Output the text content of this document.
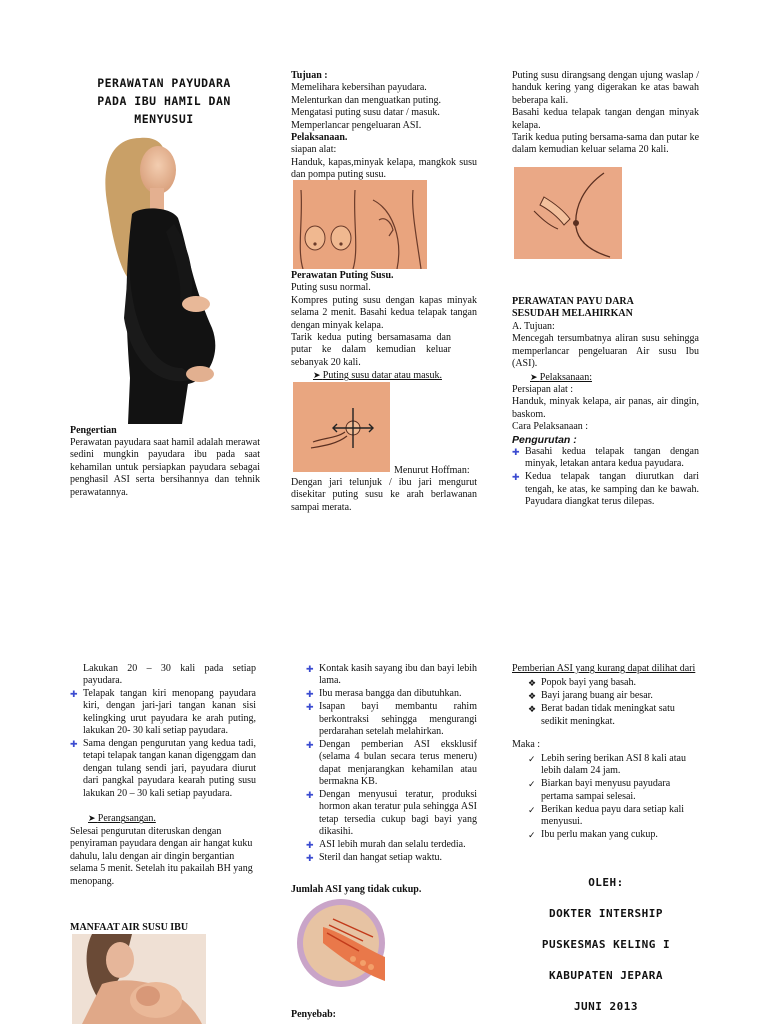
PERAWATAN PAYUDARA
PADA IBU HAMIL DAN
MENYUSUI
Pengertian
Perawatan payudara saat hamil adalah merawat sedini mungkin payudara ibu pada saat kehamilan untuk persiapkan payudara sebagai penghasil ASI serta bersihannya dan tehnik perawatannya.
Tujuan :
Memelihara kebersihan payudara.
Melenturkan dan menguatkan puting.
Mengatasi puting susu datar / masuk.
Memperlancar pengeluaran ASI.
Pelaksanaan.
siapan alat:
Handuk, kapas,minyak kelapa, mangkok susu dan pompa puting susu.
Perawatan Puting Susu.
Puting susu normal.
Kompres puting susu dengan kapas minyak selama 2 menit. Basahi kedua telapak tangan dengan minyak kelapa.
Tarik kedua puting bersamasama dan putar ke dalam kemudian keluar sebanyak 20 kali.
➤ Puting susu datar atau masuk.
Menurut Hoffman:
Dengan jari telunjuk / ibu jari mengurut disekitar puting susu ke arah berlawanan sampai merata.
Puting susu dirangsang dengan ujung waslap / handuk kering yang digerakan ke atas bawah beberapa kali.
Basahi kedua telapak tangan dengan minyak kelapa.
Tarik kedua puting bersama-sama dan putar ke dalam kemudian keluar selama 20 kali.
PERAWATAN PAYU DARA
SESUDAH MELAHIRKAN
A. Tujuan:
Mencegah tersumbatnya aliran susu sehingga memperlancar pengeluaran Air susu Ibu (ASI).
➤ Pelaksanaan:
Persiapan alat :
Handuk, minyak kelapa, air panas, air dingin, baskom.
Cara Pelaksanaan :
Pengurutan :
✚ Basahi kedua telapak tangan dengan minyak, letakan antara kedua payudara.
✚ Kedua telapak tangan diurutkan dari tengah, ke atas, ke samping dan ke bawah. Payudara diangkat terus dilepas.
Lakukan 20 – 30 kali pada setiap payudara.
✚ Telapak tangan kiri menopang payudara kiri, dengan jari-jari tangan kanan sisi kelingking urut payudara ke arah puting, lakukan 20- 30 kali setiap payudara.
✚ Sama dengan pengurutan yang kedua tadi, tetapi telapak tangan kanan digenggam dan dengan tulang sendi jari, payudara diurut dari pangkal payudara kearah puting susu lakukan 20 – 30 kali setiap payudara.
➤ Perangsangan.
Selesai pengurutan diteruskan dengan penyiraman payudara dengan air hangat kuku dahulu, lalu dengan air dingin bergantian selama 5 menit. Setelah itu pakailah BH yang menopang.
MANFAAT AIR SUSU IBU
✚ Kontak kasih sayang ibu dan bayi lebih lama.
✚ Ibu merasa bangga dan dibutuhkan.
✚ Isapan bayi membantu rahim berkontraksi sehingga mengurangi perdarahan setelah melahirkan.
✚ Dengan pemberian ASI eksklusif (selama 4 bulan secara terus meneru) dapat menjarangkan kehamilan atau bermakna KB.
✚ Dengan menyusui teratur, produksi hormon akan teratur pula sehingga ASI tetap tersedia cukup bagi bayi yang dikasihi.
✚ ASI lebih murah dan selalu terdedia.
✚ Steril dan hangat setiap waktu.
Jumlah ASI yang tidak cukup.
Penyebab:
Pemberian ASI yang kurang dapat dilihat dari
❖ Popok bayi yang basah.
❖ Bayi jarang buang air besar.
❖ Berat badan tidak meningkat satu sedikit meningkat.
Maka :
✓ Lebih sering berikan ASI 8 kali atau lebih dalam 24 jam.
✓ Biarkan bayi menyusu payudara pertama sampai selesai.
✓ Berikan kedua payu dara setiap kali menyusui.
✓ Ibu perlu makan yang cukup.
OLEH:
DOKTER INTERSHIP
PUSKESMAS KELING I
KABUPATEN JEPARA
JUNI 2013
